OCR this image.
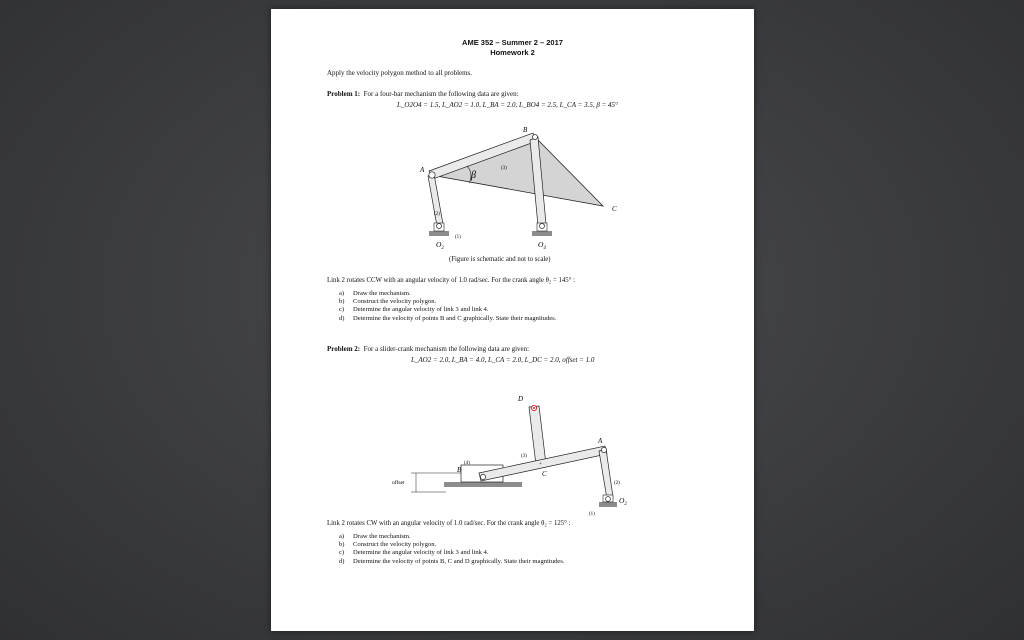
AME 352 – Summer 2 – 2017
Homework 2
Apply the velocity polygon method to all problems.
Problem 1: For a four-bar mechanism the following data are given:
L_O2O4 = 1.5, L_AO2 = 1.0, L_BA = 2.0, L_BO4 = 2.5, L_CA = 3.5, β = 45°
A
B
C
β
(3)
(2)
(1)
$O_2$	$O_4$
(Figure is schematic and not to scale)
Link 2 rotates CCW with an angular velocity of 1.0 rad/sec. For the crank angle θ₂ = 145° :
a) Draw the mechanism.
b) Construct the velocity polygon.
c) Determine the angular velocity of link 3 and link 4.
d) Determine the velocity of points B and C graphically. State their magnitudes.
Problem 2: For a slider-crank mechanism the following data are given:
L_AO2 = 2.0, L_BA = 4.0, L_CA = 2.0, L_DC = 2.0, offset = 1.0
offset
+
D
A
B	C
(4)
(3)
(2)
(1)
$O_2$
Link 2 rotates CW with an angular velocity of 1.0 rad/sec. For the crank angle θ₂ = 125° :
a) Draw the mechanism.
b) Construct the velocity polygon.
c) Determine the angular velocity of link 3 and link 4.
d) Determine the velocity of points B, C and D graphically. State their magnitudes.
